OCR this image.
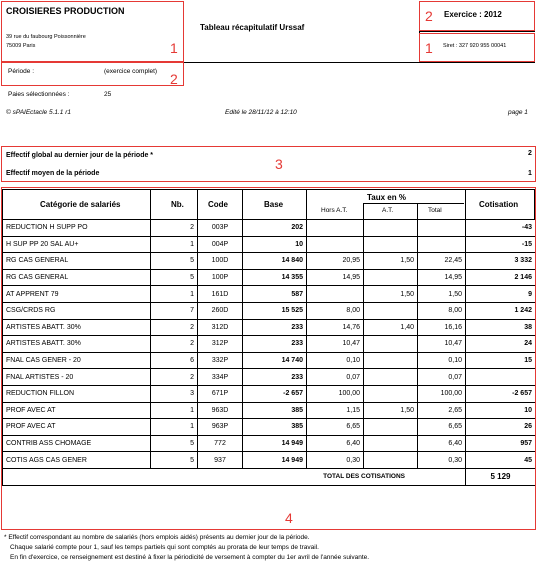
CROISIERES PRODUCTION
39 rue du faubourg Poissonnière
75009 Paris
Tableau récapitulatif Urssaf
Exercice : 2012
Siret : 327 920 955 00041
Période :	(exercice complet)
Paies sélectionnées :	25
© sPAIEctacle 5.1.1 r1	Edité le 28/11/12 à 12:10	page 1
Effectif global au dernier jour de la période *	2
Effectif moyen de la période	1
Catégorie de salariés	Nb.	Code	Base
Taux en %
Hors A.T.	A.T.	Total
Cotisation
REDUCTION H SUPP PO	2	003P	202				-43
H SUP PP 20 SAL AU+	1	004P	10				-15
RG CAS GENERAL	5	100D	14 840	20,95	1,50	22,45	3 332
RG CAS GENERAL	5	100P	14 355	14,95		14,95	2 146
AT APPRENT 79	1	161D	587		1,50	1,50	9
CSG/CRDS RG	7	260D	15 525	8,00		8,00	1 242
ARTISTES ABATT. 30%	2	312D	233	14,76	1,40	16,16	38
ARTISTES ABATT. 30%	2	312P	233	10,47		10,47	24
FNAL CAS GENER - 20	6	332P	14 740	0,10		0,10	15
FNAL ARTISTES - 20	2	334P	233	0,07		0,07	
REDUCTION FILLON	3	671P	-2 657	100,00		100,00	-2 657
PROF AVEC AT	1	963D	385	1,15	1,50	2,65	10
PROF AVEC AT	1	963P	385	6,65		6,65	26
CONTRIB ASS CHOMAGE	5	772	14 949	6,40		6,40	957
COTIS AGS CAS GENER	5	937	14 949	0,30		0,30	45
TOTAL DES COTISATIONS							5 129
* Effectif correspondant au nombre de salariés (hors emplois aidés) présents au dernier jour de la période.
Chaque salarié compte pour 1, sauf les temps partiels qui sont comptés au prorata de leur temps de travail.
En fin d'exercice, ce renseignement est destiné à fixer la périodicité de versement à compter du 1er avril de l'année suivante.
1
2
1
2
3
4
